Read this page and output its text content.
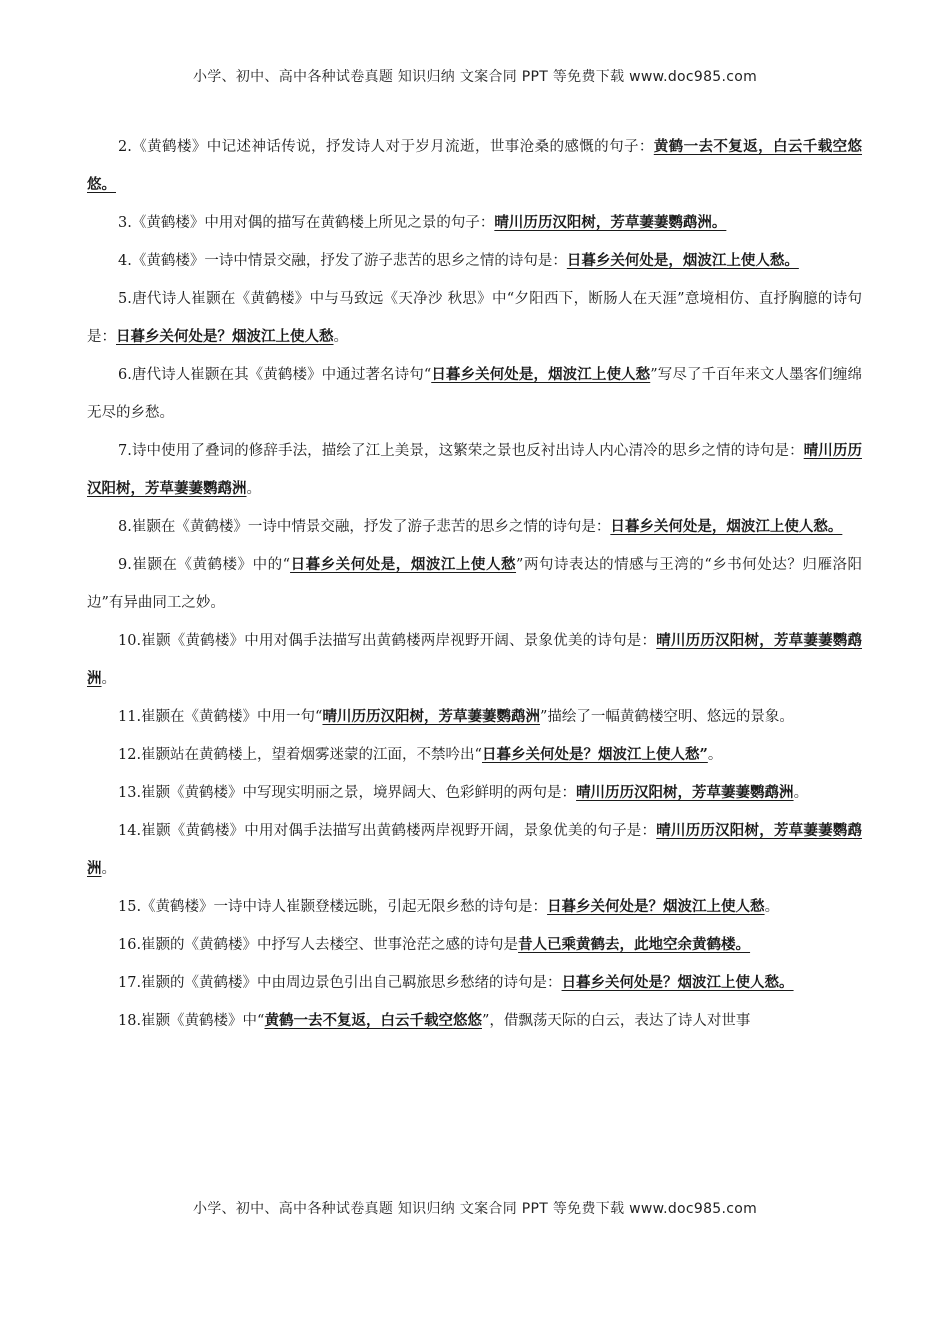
小学、初中、高中各种试卷真题 知识归纳 文案合同 PPT 等免费下载 www.doc985.com

2.《黄鹤楼》中记述神话传说，抒发诗人对于岁月流逝，世事沧桑的感慨的句子：黄鹤一去不复返，白云千载空悠悠。

3.《黄鹤楼》中用对偶的描写在黄鹤楼上所见之景的句子：晴川历历汉阳树，芳草萋萋鹦鹉洲。

4.《黄鹤楼》一诗中情景交融，抒发了游子悲苦的思乡之情的诗句是：日暮乡关何处是，烟波江上使人愁。

5.唐代诗人崔颢在《黄鹤楼》中与马致远《天净沙 秋思》中“夕阳西下，断肠人在天涯”意境相仿、直抒胸臆的诗句是：日暮乡关何处是？烟波江上使人愁。

6.唐代诗人崔颢在其《黄鹤楼》中通过著名诗句“日暮乡关何处是，烟波江上使人愁”写尽了千百年来文人墨客们缠绵无尽的乡愁。

7.诗中使用了叠词的修辞手法，描绘了江上美景，这繁荣之景也反衬出诗人内心清冷的思乡之情的诗句是：晴川历历汉阳树，芳草萋萋鹦鹉洲。

8.崔颢在《黄鹤楼》一诗中情景交融，抒发了游子悲苦的思乡之情的诗句是：日暮乡关何处是，烟波江上使人愁。

9.崔颢在《黄鹤楼》中的“日暮乡关何处是，烟波江上使人愁”两句诗表达的情感与王湾的“乡书何处达？归雁洛阳边”有异曲同工之妙。

10.崔颢《黄鹤楼》中用对偶手法描写出黄鹤楼两岸视野开阔、景象优美的诗句是：晴川历历汉阳树，芳草萋萋鹦鹉洲。

11.崔颢在《黄鹤楼》中用一句“晴川历历汉阳树，芳草萋萋鹦鹉洲”描绘了一幅黄鹤楼空明、悠远的景象。

12.崔颢站在黄鹤楼上，望着烟雾迷蒙的江面，不禁吟出“日暮乡关何处是？烟波江上使人愁”。

13.崔颢《黄鹤楼》中写现实明丽之景，境界阔大、色彩鲜明的两句是：晴川历历汉阳树，芳草萋萋鹦鹉洲。

14.崔颢《黄鹤楼》中用对偶手法描写出黄鹤楼两岸视野开阔，景象优美的句子是：晴川历历汉阳树，芳草萋萋鹦鹉洲。

15.《黄鹤楼》一诗中诗人崔颢登楼远眺，引起无限乡愁的诗句是：日暮乡关何处是？烟波江上使人愁。

16.崔颢的《黄鹤楼》中抒写人去楼空、世事沧茫之感的诗句是昔人已乘黄鹤去，此地空余黄鹤楼。

17.崔颢的《黄鹤楼》中由周边景色引出自己羁旅思乡愁绪的诗句是：日暮乡关何处是？烟波江上使人愁。

18.崔颢《黄鹤楼》中“黄鹤一去不复返，白云千载空悠悠”，借飘荡天际的白云，表达了诗人对世事

小学、初中、高中各种试卷真题 知识归纳 文案合同 PPT 等免费下载 www.doc985.com
